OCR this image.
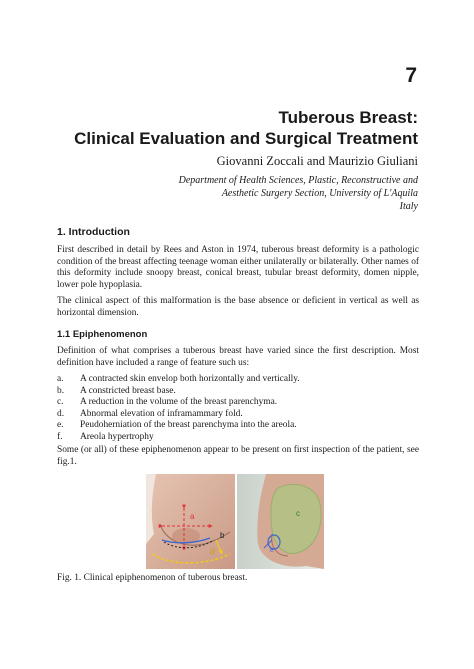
7
Tuberous Breast:
Clinical Evaluation and Surgical Treatment
Giovanni Zoccali and Maurizio Giuliani
Department of Health Sciences, Plastic, Reconstructive and
Aesthetic Surgery Section, University of L'Aquila
Italy
1. Introduction

First described in detail by Rees and Aston in 1974, tuberous breast deformity is a pathologic condition of the breast affecting teenage woman either unilaterally or bilaterally. Other names of this deformity include snoopy breast, conical breast, tubular breast deformity, domen nipple, lower pole hypoplasia.

The clinical aspect of this malformation is the base absence or deficient in vertical as well as horizontal dimension.

1.1 Epiphenomenon

Definition of what comprises a tuberous breast have varied since the first description. Most definition have included a range of feature such us:

a.	A contracted skin envelop both horizontally and vertically.
b.	A constricted breast base.
c.	A reduction in the volume of the breast parenchyma.
d.	Abnormal elevation of inframammary fold.
e.	Peudoherniation of the breast parenchyma into the areola.
f.	Areola hypertrophy

Some (or all) of these epiphenomenon appear to be present on first inspection of the patient, see fig.1.

a
b
d
c
e
Fig. 1. Clinical epiphenomenon of tuberous breast.
